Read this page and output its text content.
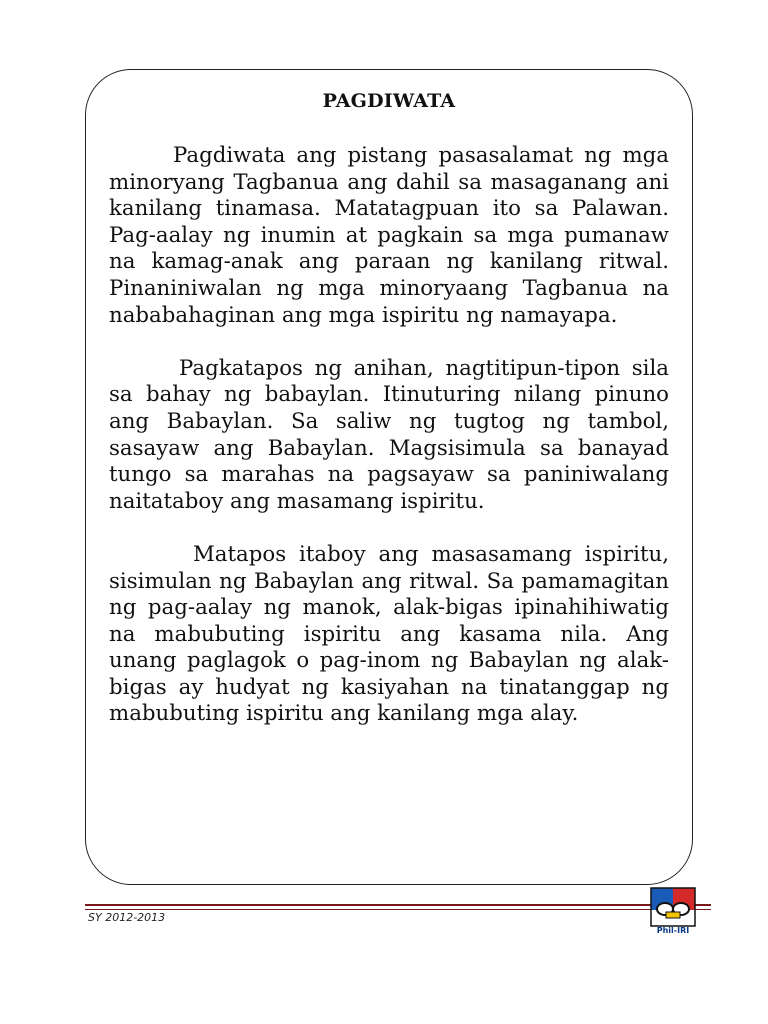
PAGDIWATA

Pagdiwata ang pistang pasasalamat ng mga minoryang Tagbanua ang dahil sa masaganang ani kanilang tinamasa. Matatagpuan ito sa Palawan. Pag-aalay ng inumin at pagkain sa mga pumanaw na kamag-anak ang paraan ng kanilang ritwal. Pinaniniwalan ng mga minoryaang Tagbanua na nababahaginan ang mga ispiritu ng namayapa.

Pagkatapos ng anihan, nagtitipun-tipon sila sa bahay ng babaylan. Itinuturing nilang pinuno ang Babaylan. Sa saliw ng tugtog ng tambol, sasayaw ang Babaylan. Magsisimula sa banayad tungo sa marahas na pagsayaw sa paniniwalang naitataboy ang masamang ispiritu.

Matapos itaboy ang masasamang ispiritu, sisimulan ng Babaylan ang ritwal. Sa pamamagitan ng pag-aalay ng manok, alak-bigas ipinahihiwatig na mabubuting ispiritu ang kasama nila. Ang unang paglagok o pag-inom ng Babaylan ng alak-bigas ay hudyat ng kasiyahan na tinatanggap ng mabubuting ispiritu ang kanilang mga alay.

SY 2012-2013
Phil-IRI
